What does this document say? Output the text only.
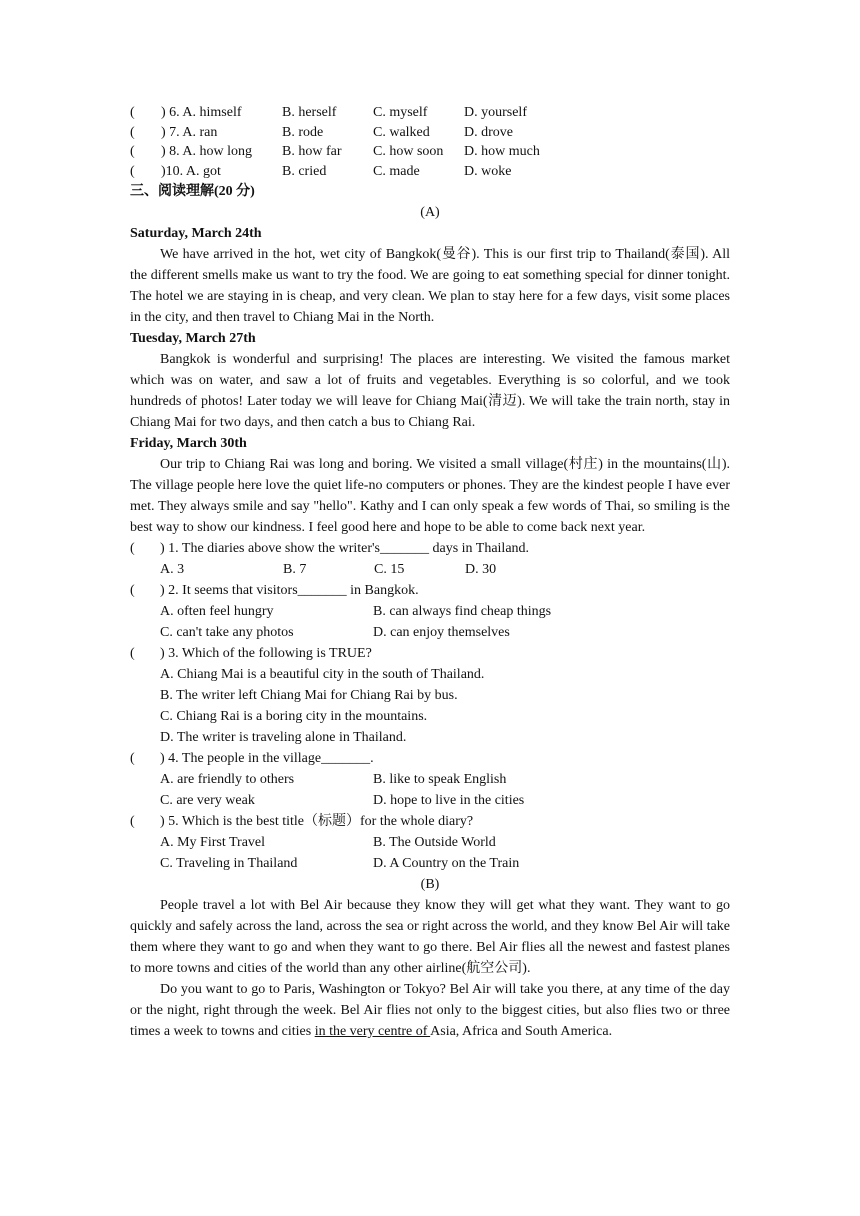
(	) 6. A. himself	B. herself	C. myself	D. yourself
(	) 7. A. ran	B. rode	C. walked	D. drove
(	) 8. A. how long	B. how far	C. how soon	D. how much
(	)10. A. got	B. cried	C. made	D. woke
三、阅读理解(20 分)
(A)
Saturday, March 24th

We have arrived in the hot, wet city of Bangkok(曼谷). This is our first trip to Thailand(泰国). All the different smells make us want to try the food. We are going to eat something special for dinner tonight. The hotel we are staying in is cheap, and very clean. We plan to stay here for a few days, visit some places in the city, and then travel to Chiang Mai in the North.

Tuesday, March 27th

Bangkok is wonderful and surprising! The places are interesting. We visited the famous market which was on water, and saw a lot of fruits and vegetables. Everything is so colorful, and we took hundreds of photos! Later today we will leave for Chiang Mai(清迈). We will take the train north, stay in Chiang Mai for two days, and then catch a bus to Chiang Rai.

Friday, March 30th

Our trip to Chiang Rai was long and boring. We visited a small village(村庄) in the mountains(山). The village people here love the quiet life-no computers or phones. They are the kindest people I have ever met. They always smile and say "hello". Kathy and I can only speak a few words of Thai, so smiling is the best way to show our kindness. I feel good here and hope to be able to come back next year.

(	) 1. The diaries above show the writer's_______ days in Thailand.
A. 3	B. 7	C. 15	D. 30
(	) 2. It seems that visitors_______ in Bangkok.
A. often feel hungry	B. can always find cheap things
C. can't take any photos	D. can enjoy themselves
(	) 3. Which of the following is TRUE?
A. Chiang Mai is a beautiful city in the south of Thailand.
B. The writer left Chiang Mai for Chiang Rai by bus.
C. Chiang Rai is a boring city in the mountains.
D. The writer is traveling alone in Thailand.
(	) 4. The people in the village_______.
A. are friendly to others	B. like to speak English
C. are very weak	D. hope to live in the cities
(	) 5. Which is the best title（标题）for the whole diary?
A. My First Travel	B. The Outside World
C. Traveling in Thailand	D. A Country on the Train
(B)

People travel a lot with Bel Air because they know they will get what they want. They want to go quickly and safely across the land, across the sea or right across the world, and they know Bel Air will take them where they want to go and when they want to go there. Bel Air flies all the newest and fastest planes to more towns and cities of the world than any other airline(航空公司).

Do you want to go to Paris, Washington or Tokyo? Bel Air will take you there, at any time of the day or the night, right through the week. Bel Air flies not only to the biggest cities, but also flies two or three times a week to towns and cities in the very centre of Asia, Africa and South America.
